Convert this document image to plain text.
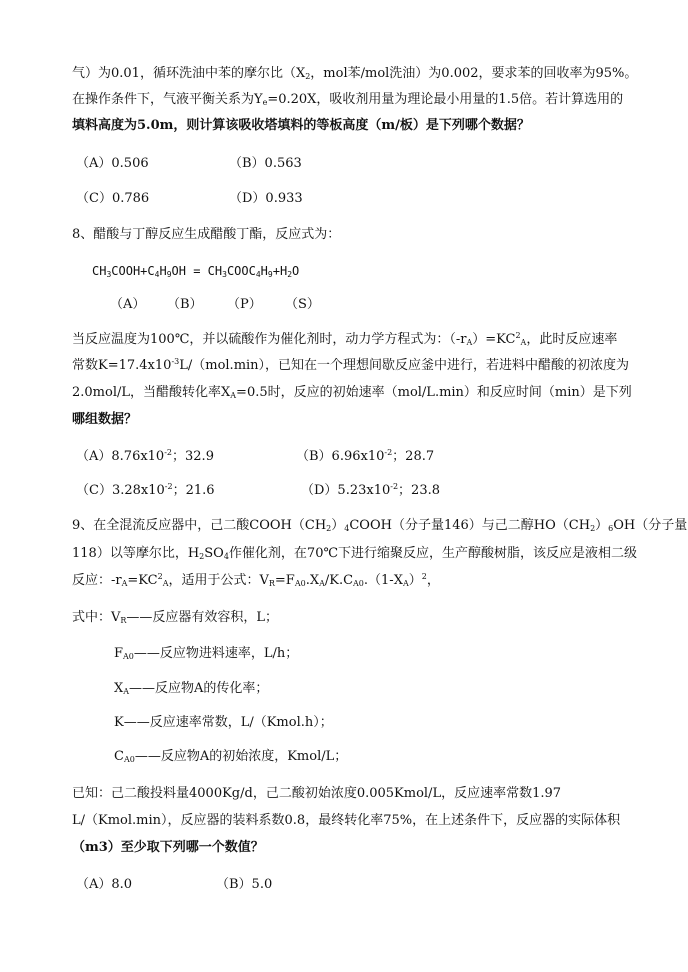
气）为0.01，循环洗油中苯的摩尔比（$X_2$，mol苯/mol洗油）为0.002，要求苯的回收率为95%。
在操作条件下，气液平衡关系为$Y_e=0.20X$，吸收剂用量为理论最小用量的1.5倍。若计算选用的
填料高度为5.0m，则计算该吸收塔填料的等板高度（m/板）是下列哪个数据？
（A）0.506	（B）0.563
（C）0.786	（D）0.933
8、醋酸与丁醇反应生成醋酸丁酯，反应式为：
$CH_3COOH+C_4H_9OH$ = $CH_3COOC_4H_9+H_2O$
（A） （B） （P） （S）
当反应温度为100℃，并以硫酸作为催化剂时，动力学方程式为：$(-r_A)=KC^2_A$，此时反应速率
常数$K=17.4x10^{-3}L/(mol.\min)$，已知在一个理想间歇反应釜中进行，若进料中醋酸的初浓度为
2.0mol/L，当醋酸转化率$X_A=0.5$时，反应的初始速率（mol/L.min）和反应时间（min）是下列
哪组数据？
$(A)8.76x10^{-2}$；32.9	$(B)6.96x10^{-2}$；28.7
$(C)3.28x10^{-2}$；21.6	$(D)5.23x10^{-2}$；23.8
9、在全混流反应器中，己二酸$COOH(CH_2)_4COOH$（分子量146）与己二醇$HO(CH_2)_6OH$（分子量
118）以等摩尔比，$H_2SO_4$作催化剂，在70℃下进行缩聚反应，生产醇酸树脂，该反应是液相二级
反应：$-r_A=KC^2_A$，适用于公式：$V_R=F_{A0}.X_A/K.C_{A0}.(1-X_A)^2$，
式中：$V_R——$反应器有效容积，L；
$F_{A0}——$反应物进料速率，L/h；
$X_A——$反应物A的传化率；
K——反应速率常数，L/（Kmol.h）；
$C_{A0}——$反应物A的初始浓度，Kmol/L；
已知：己二酸投料量4000Kg/d，己二酸初始浓度0.005Kmol/L，反应速率常数1.97
L/（Kmol.min），反应器的装料系数0.8，最终转化率75%，在上述条件下，反应器的实际体积
（m3）至少取下列哪一个数值？
（A）8.0	（B）5.0
